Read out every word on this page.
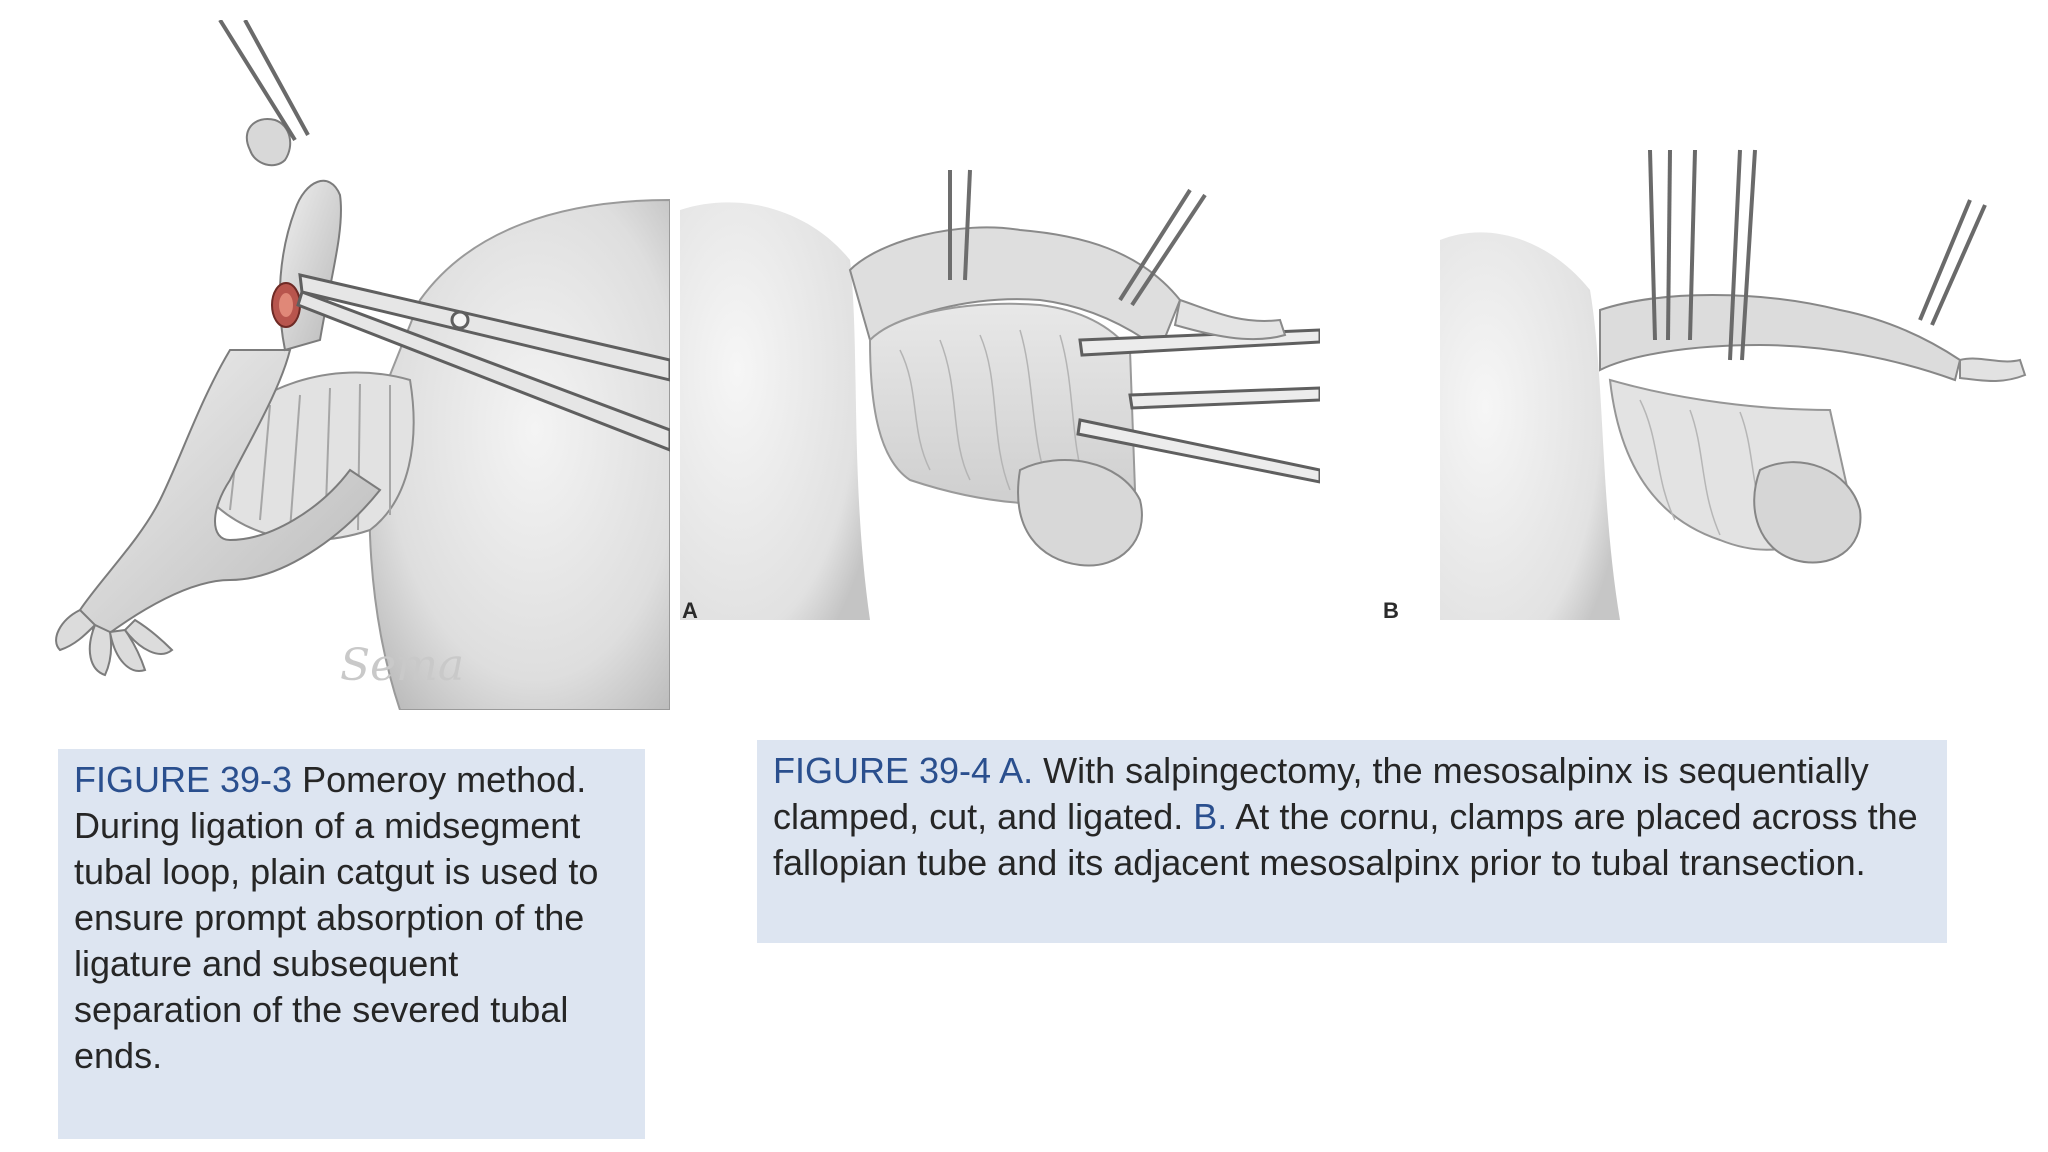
Sema
A	B
FIGURE 39-3 Pomeroy method. During ligation of a midsegment tubal loop, plain catgut is used to ensure prompt absorption of the ligature and subsequent separation of the severed tubal ends.
FIGURE 39-4 A. With salpingectomy, the mesosalpinx is sequentially clamped, cut, and ligated. B. At the cornu, clamps are placed across the fallopian tube and its adjacent mesosalpinx prior to tubal transection.
